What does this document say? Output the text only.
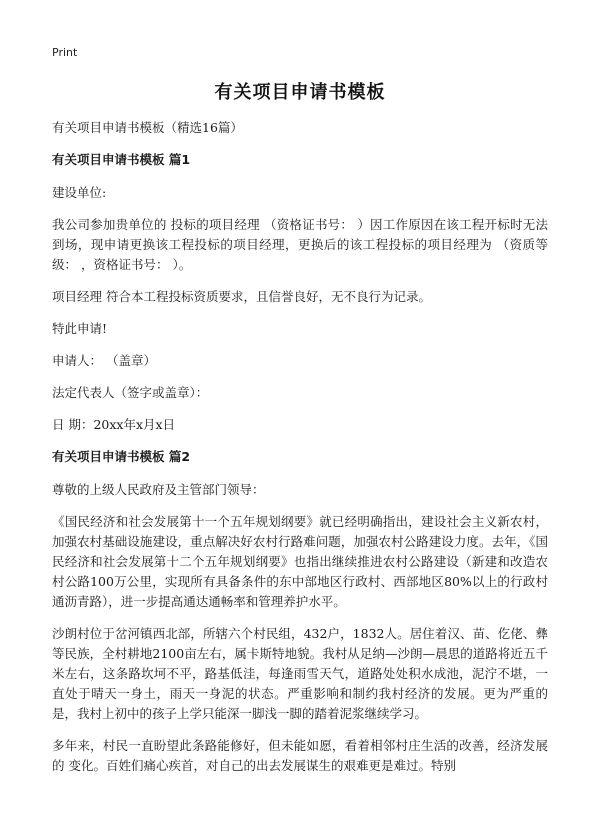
Print
有关项目申请书模板

有关项目申请书模板（精选16篇）

有关项目申请书模板 篇1

建设单位:

我公司参加贵单位的 投标的项目经理 （资格证书号： ）因工作原因在该工程开标时无法到场，现申请更换该工程投标的项目经理，更换后的该工程投标的项目经理为 （资质等级： ，资格证书号： ）。

项目经理 符合本工程投标资质要求，且信誉良好，无不良行为记录。

特此申请!

申请人： （盖章）

法定代表人（签字或盖章）：

日 期：20xx年x月x日

有关项目申请书模板 篇2

尊敬的上级人民政府及主管部门领导：

《国民经济和社会发展第十一个五年规划纲要》就已经明确指出，建设社会主义新农村，加强农村基础设施建设，重点解决好农村行路难问题，加强农村公路建设力度。去年，《国民经济和社会发展第十二个五年规划纲要》也指出继续推进农村公路建设（新建和改造农村公路100万公里，实现所有具备条件的东中部地区行政村、西部地区80%以上的行政村通沥青路），进一步提高通达通畅率和管理养护水平。

沙朗村位于岔河镇西北部，所辖六个村民组，432户，1832人。居住着汉、苗、仡佬、彝等民族，全村耕地2100亩左右，属卡斯特地貌。我村从足纳—沙朗—晨思的道路将近五千米左右，这条路坎坷不平，路基低洼，每逢雨雪天气，道路处处积水成池，泥泞不堪，一直处于晴天一身土，雨天一身泥的状态。严重影响和制约我村经济的发展。更为严重的是，我村上初中的孩子上学只能深一脚浅一脚的踏着泥浆继续学习。

多年来，村民一直盼望此条路能修好，但未能如愿，看着相邻村庄生活的改善，经济发展的 变化。百姓们痛心疾首，对自己的出去发展谋生的艰难更是难过。特别
